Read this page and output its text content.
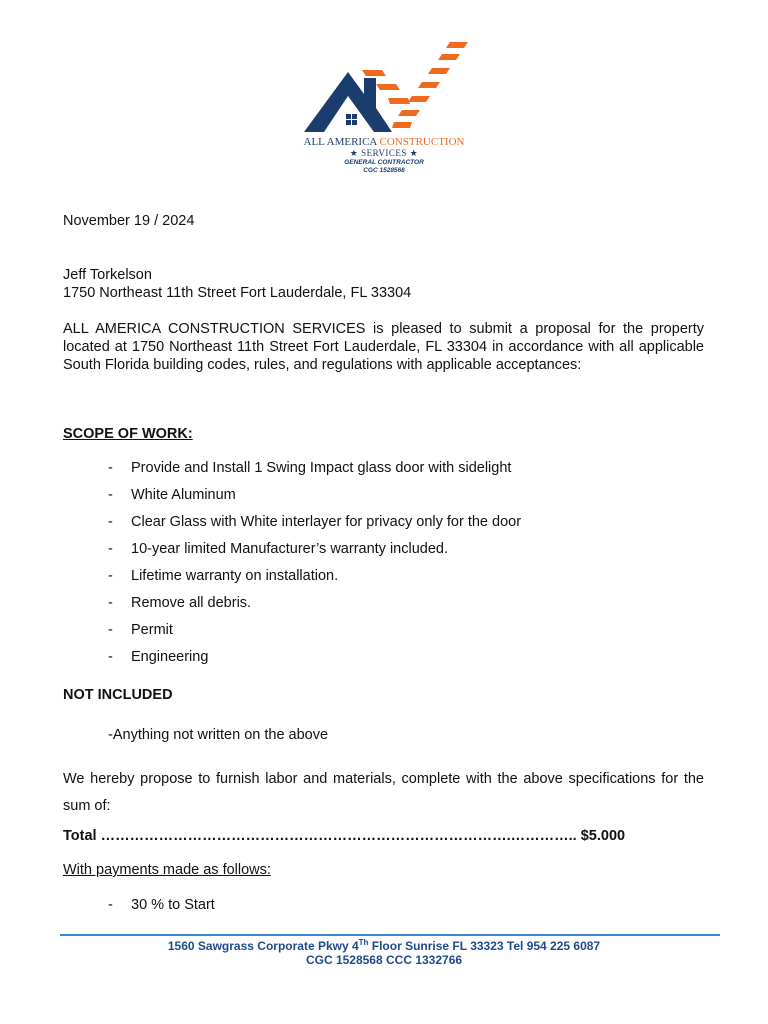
ALL AMERICA CONSTRUCTION
★ SERVICES ★
GENERAL CONTRACTOR
CGC 1528568
November 19 / 2024
Jeff Torkelson
1750 Northeast 11th Street Fort Lauderdale, FL 33304
ALL AMERICA CONSTRUCTION SERVICES is pleased to submit a proposal for the property located at 1750 Northeast 11th Street Fort Lauderdale, FL 33304 in accordance with all applicable South Florida building codes, rules, and regulations with applicable acceptances:
SCOPE OF WORK:
- Provide and Install 1 Swing Impact glass door with sidelight
- White Aluminum
- Clear Glass with White interlayer for privacy only for the door
- 10-year limited Manufacturer’s warranty included.
- Lifetime warranty on installation.
- Remove all debris.
- Permit
- Engineering
NOT INCLUDED
-Anything not written on the above
We hereby propose to furnish labor and materials, complete with the above specifications for the sum of:
Total ………………………………………………………………………….………….. $5.000
With payments made as follows:
- 30 % to Start
1560 Sawgrass Corporate Pkwy 4Th Floor Sunrise FL 33323 Tel 954 225 6087
CGC 1528568 CCC 1332766
